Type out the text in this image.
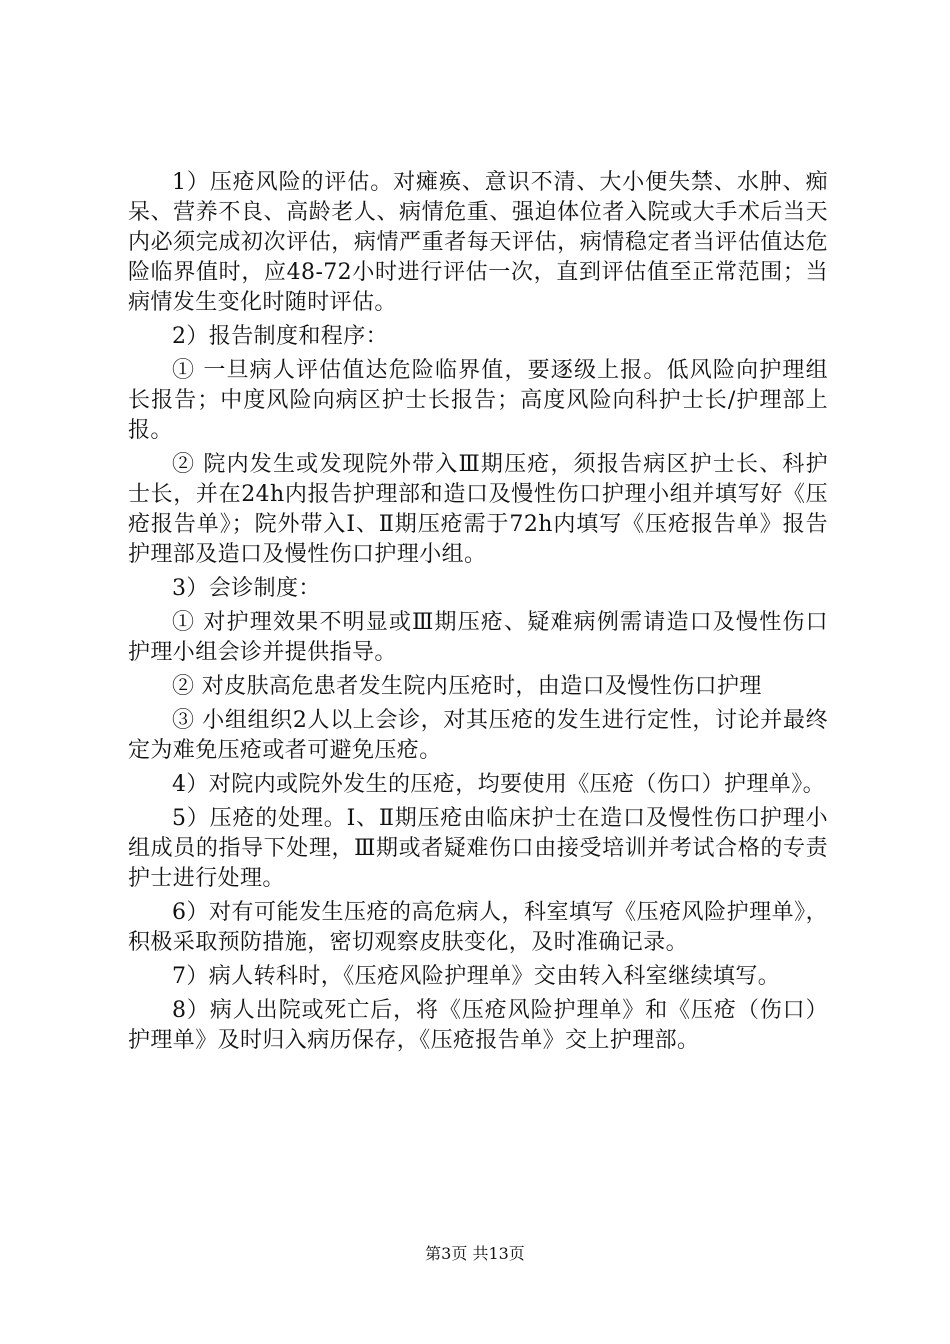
1）压疮风险的评估。对瘫痪、意识不清、大小便失禁、水肿、痴呆、营养不良、高龄老人、病情危重、强迫体位者入院或大手术后当天内必须完成初次评估，病情严重者每天评估，病情稳定者当评估值达危险临界值时，应48-72小时进行评估一次，直到评估值至正常范围；当病情发生变化时随时评估。

2）报告制度和程序：

① 一旦病人评估值达危险临界值，要逐级上报。低风险向护理组长报告；中度风险向病区护士长报告；高度风险向科护士长/护理部上报。

② 院内发生或发现院外带入Ⅲ期压疮，须报告病区护士长、科护士长，并在24h内报告护理部和造口及慢性伤口护理小组并填写好《压疮报告单》；院外带入Ⅰ、Ⅱ期压疮需于72h内填写《压疮报告单》报告护理部及造口及慢性伤口护理小组。

3）会诊制度：

① 对护理效果不明显或Ⅲ期压疮、疑难病例需请造口及慢性伤口护理小组会诊并提供指导。

② 对皮肤高危患者发生院内压疮时，由造口及慢性伤口护理

③ 小组组织2人以上会诊，对其压疮的发生进行定性，讨论并最终定为难免压疮或者可避免压疮。

4）对院内或院外发生的压疮，均要使用《压疮（伤口）护理单》。

5）压疮的处理。Ⅰ、Ⅱ期压疮由临床护士在造口及慢性伤口护理小组成员的指导下处理，Ⅲ期或者疑难伤口由接受培训并考试合格的专责护士进行处理。

6）对有可能发生压疮的高危病人，科室填写《压疮风险护理单》，积极采取预防措施，密切观察皮肤变化，及时准确记录。

7）病人转科时，《压疮风险护理单》交由转入科室继续填写。

8）病人出院或死亡后，将《压疮风险护理单》和《压疮（伤口）护理单》及时归入病历保存，《压疮报告单》交上护理部。

第3页 共13页
